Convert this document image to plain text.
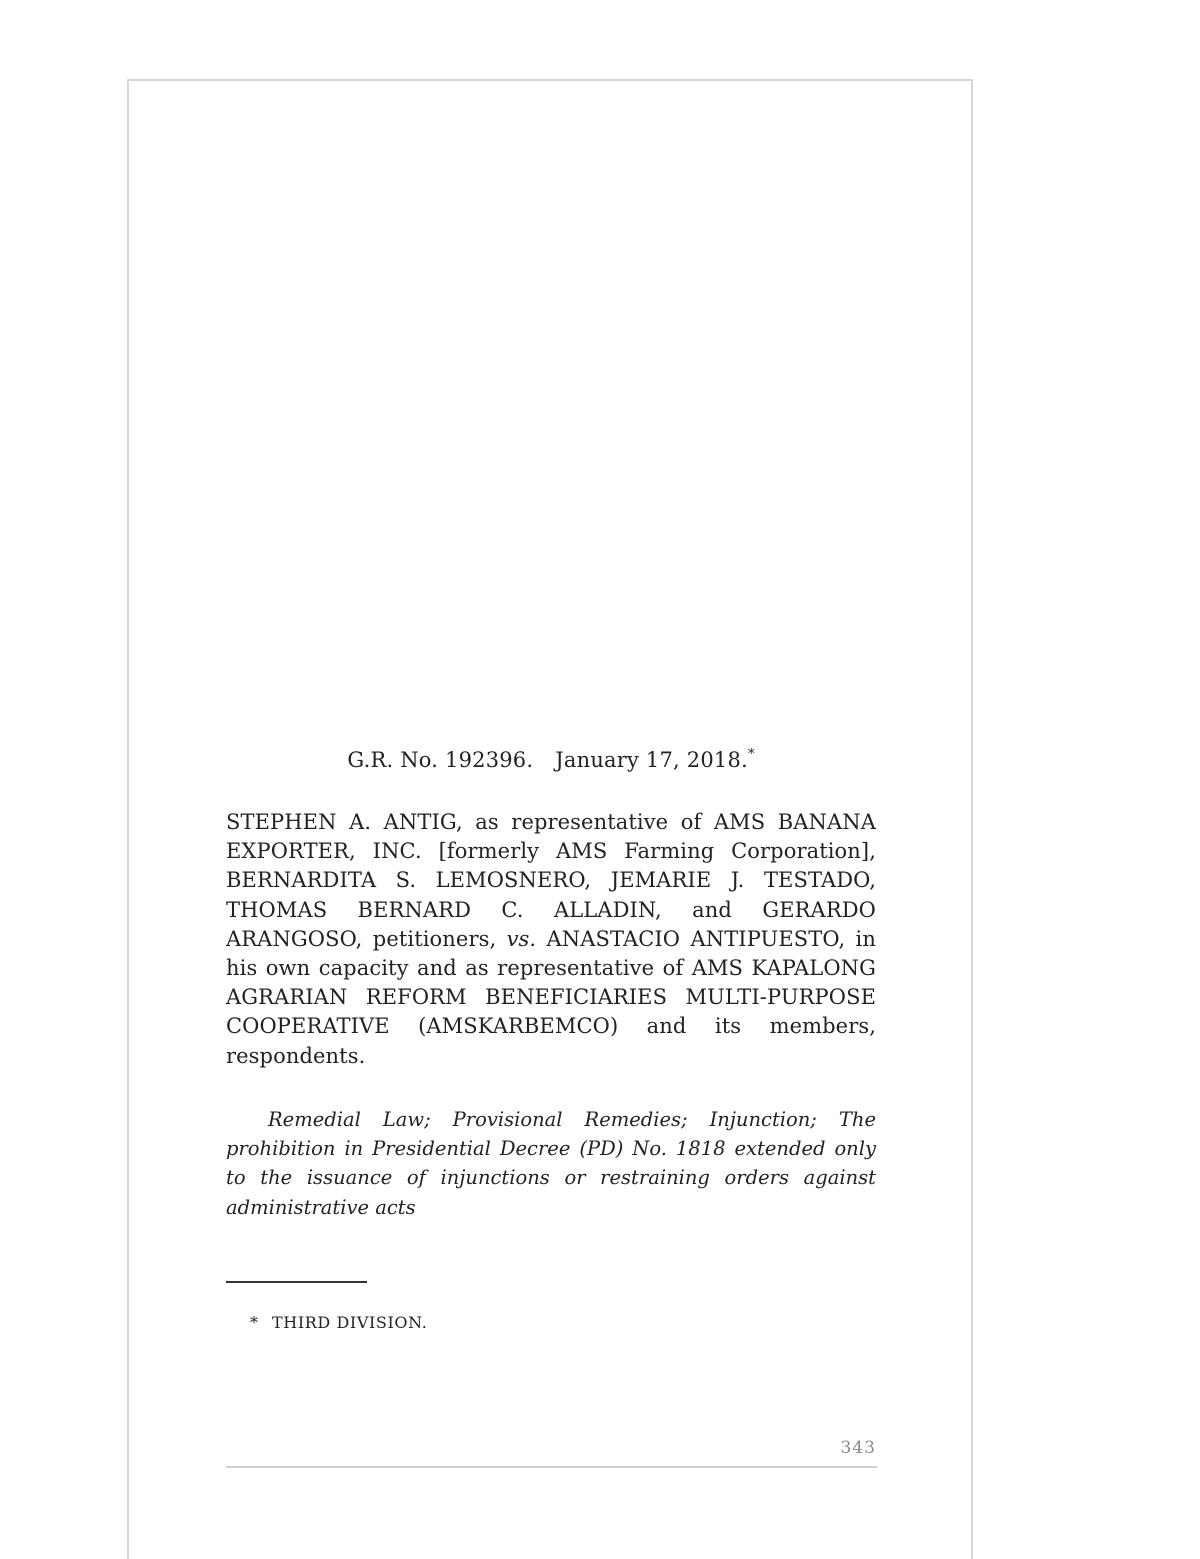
G.R. No. 192396. January 17, 2018.*
STEPHEN A. ANTIG, as representative of AMS BANANA EXPORTER, INC. [formerly AMS Farming Corporation], BERNARDITA S. LEMOSNERO, JEMARIE J. TESTADO, THOMAS BERNARD C. ALLADIN, and GERARDO ARANGOSO, petitioners, vs. ANASTACIO ANTIPUESTO, in his own capacity and as representative of AMS KAPALONG AGRARIAN REFORM BENEFICIARIES MULTI-PURPOSE COOPERATIVE (AMSKARBEMCO) and its members, respondents.
Remedial Law; Provisional Remedies; Injunction; The prohibition in Presidential Decree (PD) No. 1818 extended only to the issuance of injunctions or restraining orders against administrative acts
* THIRD DIVISION.
343
